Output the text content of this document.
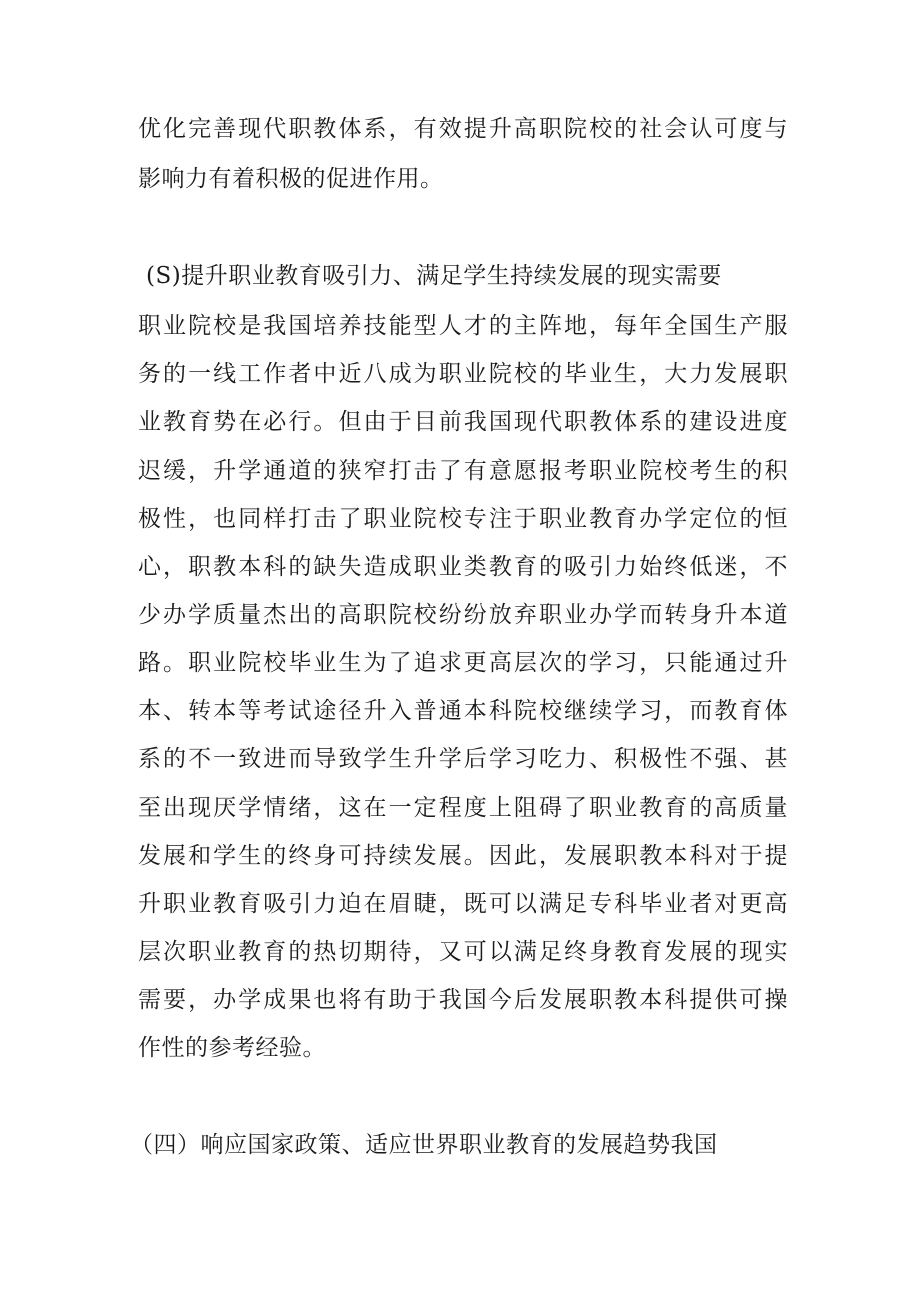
优化完善现代职教体系，有效提升高职院校的社会认可度与
影响力有着积极的促进作用。
(S)提升职业教育吸引力、满足学生持续发展的现实需要
职业院校是我国培养技能型人才的主阵地，每年全国生产服
务的一线工作者中近八成为职业院校的毕业生，大力发展职
业教育势在必行。但由于目前我国现代职教体系的建设进度
迟缓，升学通道的狭窄打击了有意愿报考职业院校考生的积
极性，也同样打击了职业院校专注于职业教育办学定位的恒
心，职教本科的缺失造成职业类教育的吸引力始终低迷，不
少办学质量杰出的高职院校纷纷放弃职业办学而转身升本道
路。职业院校毕业生为了追求更高层次的学习，只能通过升
本、转本等考试途径升入普通本科院校继续学习，而教育体
系的不一致进而导致学生升学后学习吃力、积极性不强、甚
至出现厌学情绪，这在一定程度上阻碍了职业教育的高质量
发展和学生的终身可持续发展。因此，发展职教本科对于提
升职业教育吸引力迫在眉睫，既可以满足专科毕业者对更高
层次职业教育的热切期待，又可以满足终身教育发展的现实
需要，办学成果也将有助于我国今后发展职教本科提供可操
作性的参考经验。
（四）响应国家政策、适应世界职业教育的发展趋势我国
